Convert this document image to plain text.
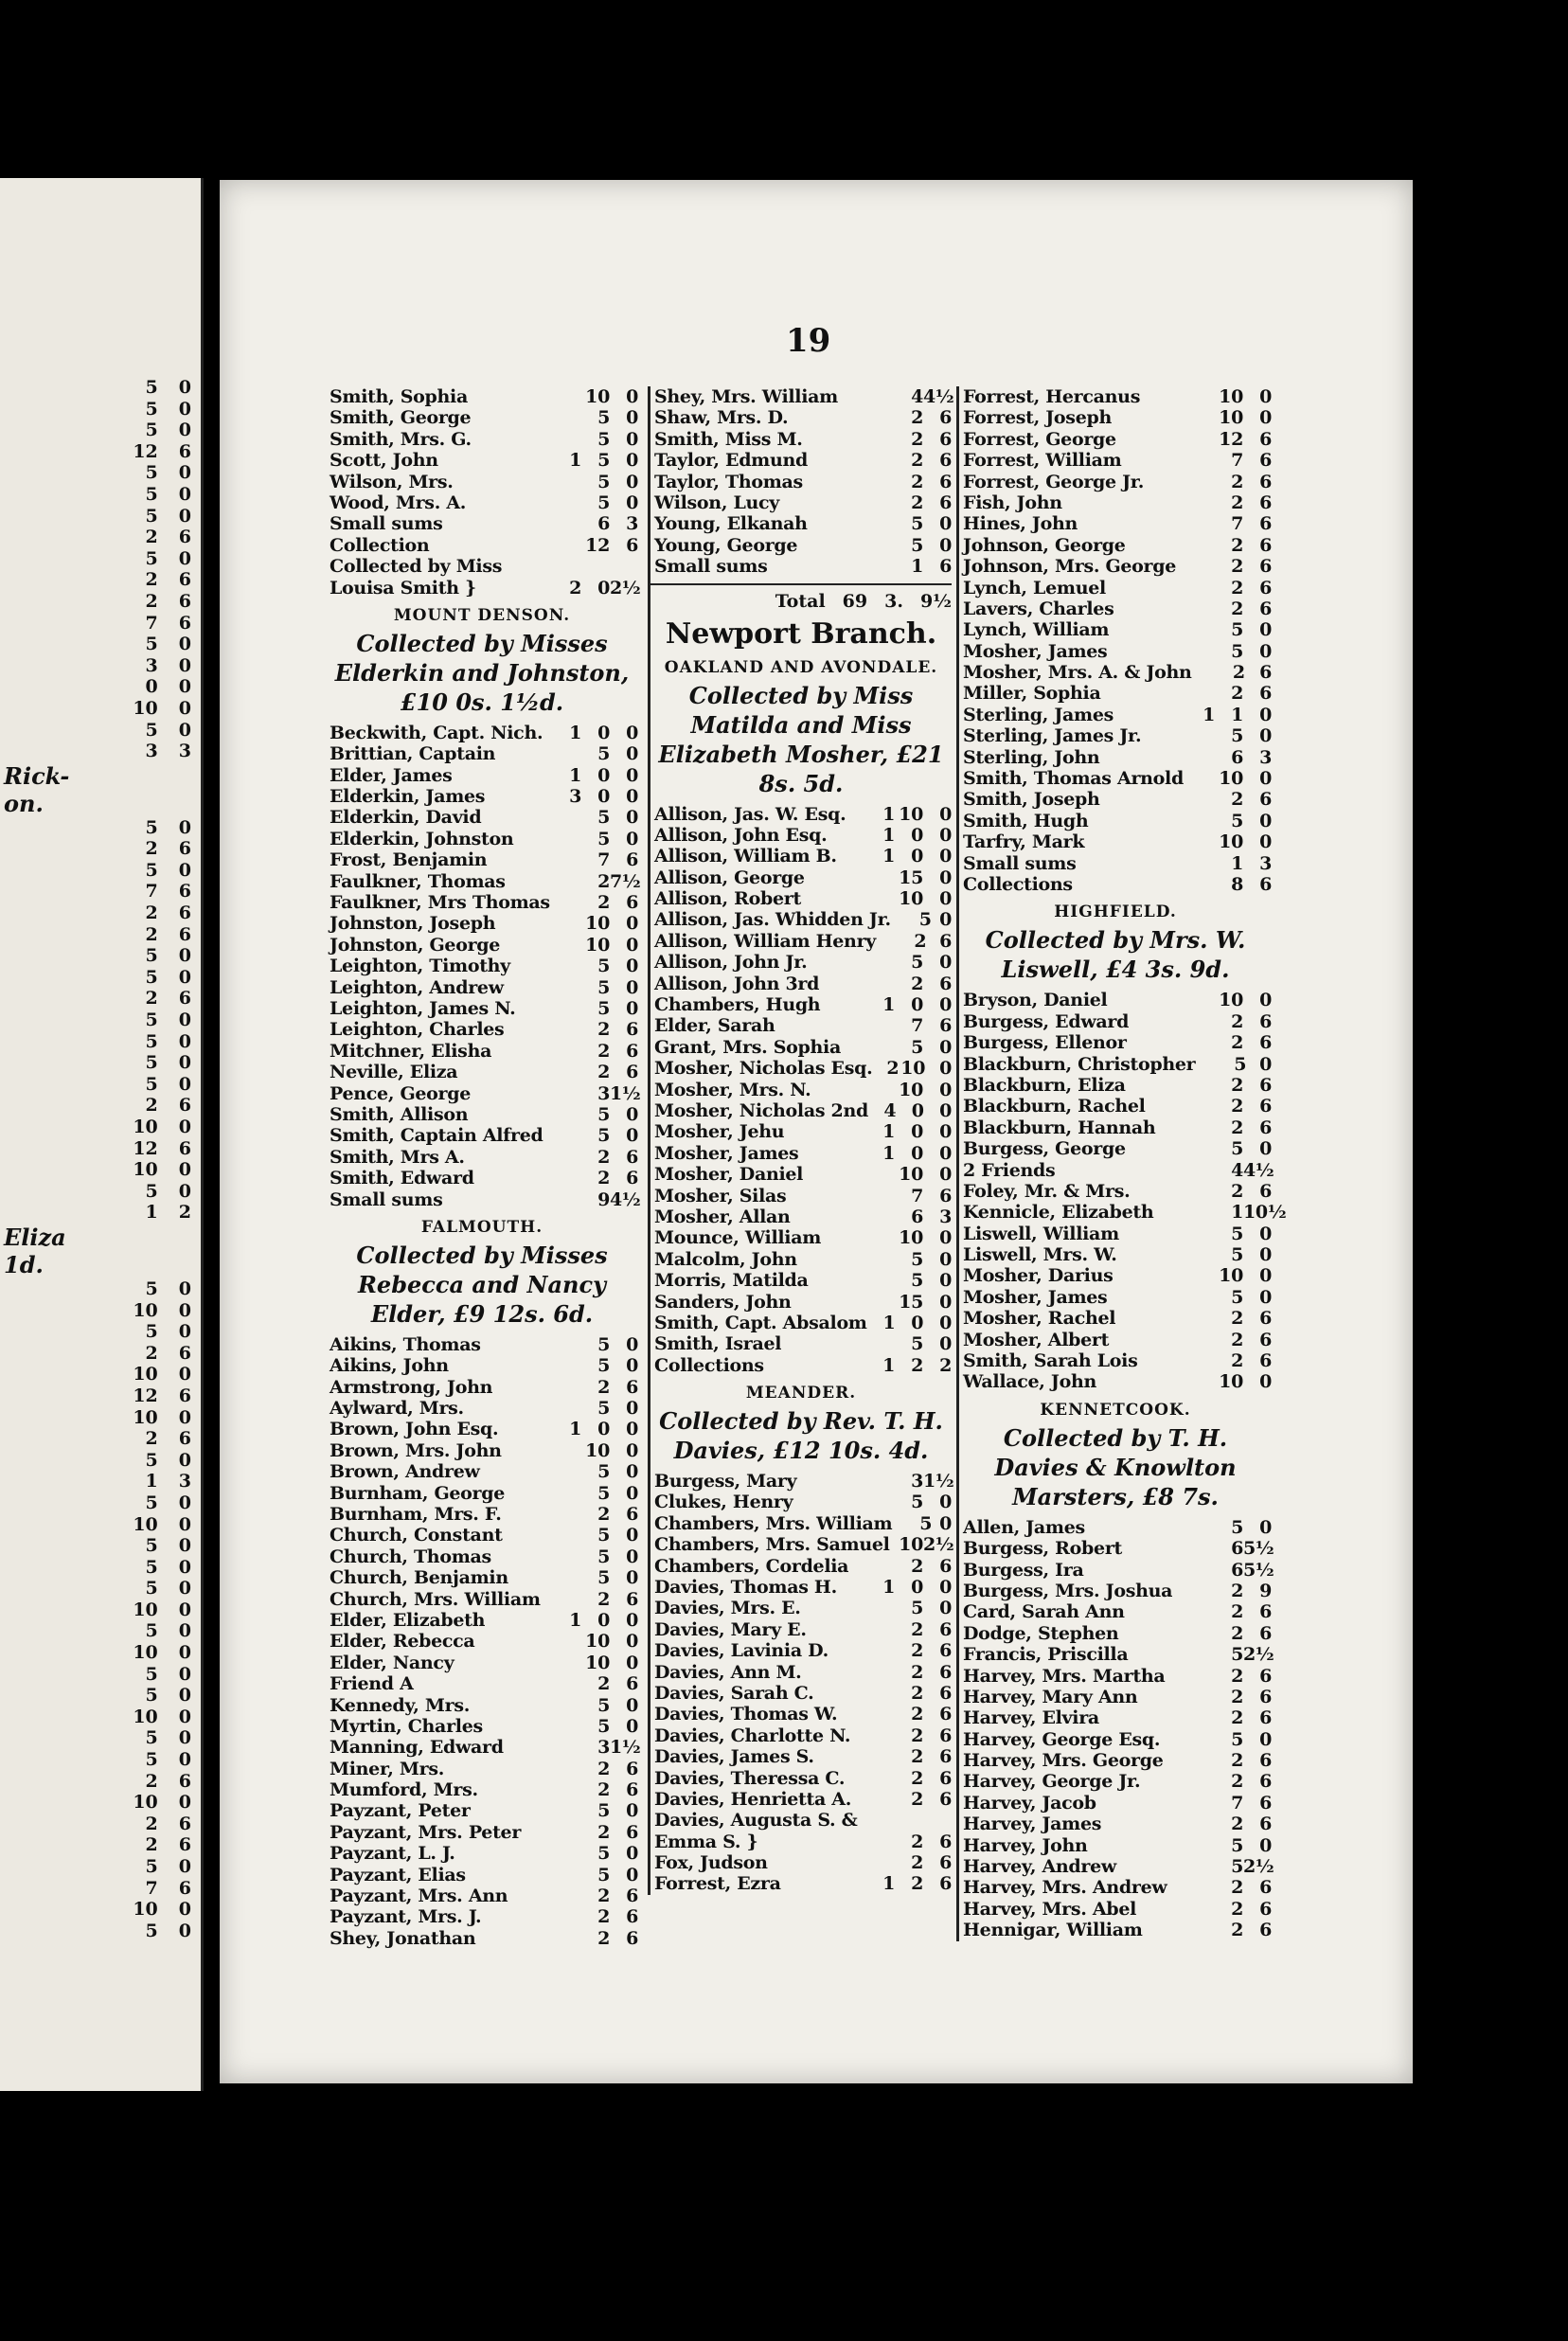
5 0
5 0
5 0
12 6
5 0
5 0
5 0
2 6
5 0
2 6
2 6
7 6
5 0
3 0
0 0
10 0
5 0
3 3
Rick-
on.
5 0
2 6
5 0
7 6
2 6
2 6
5 0
5 0
2 6
5 0
5 0
5 0
5 0
2 6
10 0
12 6
10 0
5 0
1 2
Eliza
1d.
5 0
10 0
5 0
2 6
10 0
12 6
10 0
2 6
5 0
1 3
5 0
10 0
5 0
5 0
5 0
10 0
5 0
10 0
5 0
5 0
10 0
5 0
5 0
2 6
10 0
2 6
2 6
5 0
7 6
10 0
5 0
19
Smith, Sophia	10 0
Smith, George	5 0
Smith, Mrs. G.	5 0
Scott, John	1 5 0
Wilson, Mrs.	5 0
Wood, Mrs. A.	5 0
Small sums	6 3
Collection	12 6
Collected by Miss
Louisa Smith }	2 0 2½
MOUNT DENSON.
Collected by Misses Elderkin and Johnston, £10 0s. 1½d.
Beckwith, Capt. Nich.	1 0 0
Brittian, Captain	5 0
Elder, James	1 0 0
Elderkin, James	3 0 0
Elderkin, David	5 0
Elderkin, Johnston	5 0
Frost, Benjamin	7 6
Faulkner, Thomas	2 7½
Faulkner, Mrs Thomas	2 6
Johnston, Joseph	10 0
Johnston, George	10 0
Leighton, Timothy	5 0
Leighton, Andrew	5 0
Leighton, James N.	5 0
Leighton, Charles	2 6
Mitchner, Elisha	2 6
Neville, Eliza	2 6
Pence, George	3 1½
Smith, Allison	5 0
Smith, Captain Alfred	5 0
Smith, Mrs A.	2 6
Smith, Edward	2 6
Small sums	9 4½
FALMOUTH.
Collected by Misses Rebecca and Nancy Elder, £9 12s. 6d.
Aikins, Thomas	5 0
Aikins, John	5 0
Armstrong, John	2 6
Aylward, Mrs.	5 0
Brown, John Esq.	1 0 0
Brown, Mrs. John	10 0
Brown, Andrew	5 0
Burnham, George	5 0
Burnham, Mrs. F.	2 6
Church, Constant	5 0
Church, Thomas	5 0
Church, Benjamin	5 0
Church, Mrs. William	2 6
Elder, Elizabeth	1 0 0
Elder, Rebecca	10 0
Elder, Nancy	10 0
Friend A	2 6
Kennedy, Mrs.	5 0
Myrtin, Charles	5 0
Manning, Edward	3 1½
Miner, Mrs.	2 6
Mumford, Mrs.	2 6
Payzant, Peter	5 0
Payzant, Mrs. Peter	2 6
Payzant, L. J.	5 0
Payzant, Elias	5 0
Payzant, Mrs. Ann	2 6
Payzant, Mrs. J.	2 6
Shey, Jonathan	2 6
Shey, Mrs. William	4 4½
Shaw, Mrs. D.	2 6
Smith, Miss M.	2 6
Taylor, Edmund	2 6
Taylor, Thomas	2 6
Wilson, Lucy	2 6
Young, Elkanah	5 0
Young, George	5 0
Small sums	1 6
Total 69 3. 9½
Newport Branch.
OAKLAND AND AVONDALE.
Collected by Miss Matilda and Miss Elizabeth Mosher, £21 8s. 5d.
Allison, Jas. W. Esq.	1 10 0
Allison, John Esq.	1 0 0
Allison, William B.	1 0 0
Allison, George	15 0
Allison, Robert	10 0
Allison, Jas. Whidden Jr.	5 0
Allison, William Henry	2 6
Allison, John Jr.	5 0
Allison, John 3rd	2 6
Chambers, Hugh	1 0 0
Elder, Sarah	7 6
Grant, Mrs. Sophia	5 0
Mosher, Nicholas Esq. 2 10 0
Mosher, Mrs. N.	10 0
Mosher, Nicholas 2nd 4 0 0
Mosher, Jehu	1 0 0
Mosher, James	1 0 0
Mosher, Daniel	10 0
Mosher, Silas	7 6
Mosher, Allan	6 3
Mounce, William	10 0
Malcolm, John	5 0
Morris, Matilda	5 0
Sanders, John	15 0
Smith, Capt. Absalom 1 0 0
Smith, Israel	5 0
Collections	1 2 2
MEANDER.
Collected by Rev. T. H. Davies, £12 10s. 4d.
Burgess, Mary	3 1½
Clukes, Henry	5 0
Chambers, Mrs. William	5 0
Chambers, Mrs. Samuel 10 2½
Chambers, Cordelia	2 6
Davies, Thomas H.	1 0 0
Davies, Mrs. E.	5 0
Davies, Mary E.	2 6
Davies, Lavinia D.	2 6
Davies, Ann M.	2 6
Davies, Sarah C.	2 6
Davies, Thomas W.	2 6
Davies, Charlotte N.	2 6
Davies, James S.	2 6
Davies, Theressa C.	2 6
Davies, Henrietta A.	2 6
Davies, Augusta S. &
Emma S. }	2 6
Fox, Judson	2 6
Forrest, Ezra	1 2 6
Forrest, Hercanus	10 0
Forrest, Joseph	10 0
Forrest, George	12 6
Forrest, William	7 6
Forrest, George Jr.	2 6
Fish, John	2 6
Hines, John	7 6
Johnson, George	2 6
Johnson, Mrs. George	2 6
Lynch, Lemuel	2 6
Lavers, Charles	2 6
Lynch, William	5 0
Mosher, James	5 0
Mosher, Mrs. A. & John	2 6
Miller, Sophia	2 6
Sterling, James	1 1 0
Sterling, James Jr.	5 0
Sterling, John	6 3
Smith, Thomas Arnold 10 0
Smith, Joseph	2 6
Smith, Hugh	5 0
Tarfry, Mark	10 0
Small sums	1 3
Collections	8 6
HIGHFIELD.
Collected by Mrs. W. Liswell, £4 3s. 9d.
Bryson, Daniel	10 0
Burgess, Edward	2 6
Burgess, Ellenor	2 6
Blackburn, Christopher	5 0
Blackburn, Eliza	2 6
Blackburn, Rachel	2 6
Blackburn, Hannah	2 6
Burgess, George	5 0
2 Friends	4 4½
Foley, Mr. & Mrs.	2 6
Kennicle, Elizabeth	1 10½
Liswell, William	5 0
Liswell, Mrs. W.	5 0
Mosher, Darius	10 0
Mosher, James	5 0
Mosher, Rachel	2 6
Mosher, Albert	2 6
Smith, Sarah Lois	2 6
Wallace, John	10 0
KENNETCOOK.
Collected by T. H. Davies & Knowlton Marsters, £8 7s.
Allen, James	5 0
Burgess, Robert	6 5½
Burgess, Ira	6 5½
Burgess, Mrs. Joshua	2 9
Card, Sarah Ann	2 6
Dodge, Stephen	2 6
Francis, Priscilla	5 2½
Harvey, Mrs. Martha	2 6
Harvey, Mary Ann	2 6
Harvey, Elvira	2 6
Harvey, George Esq.	5 0
Harvey, Mrs. George	2 6
Harvey, George Jr.	2 6
Harvey, Jacob	7 6
Harvey, James	2 6
Harvey, John	5 0
Harvey, Andrew	5 2½
Harvey, Mrs. Andrew	2 6
Harvey, Mrs. Abel	2 6
Hennigar, William	2 6
